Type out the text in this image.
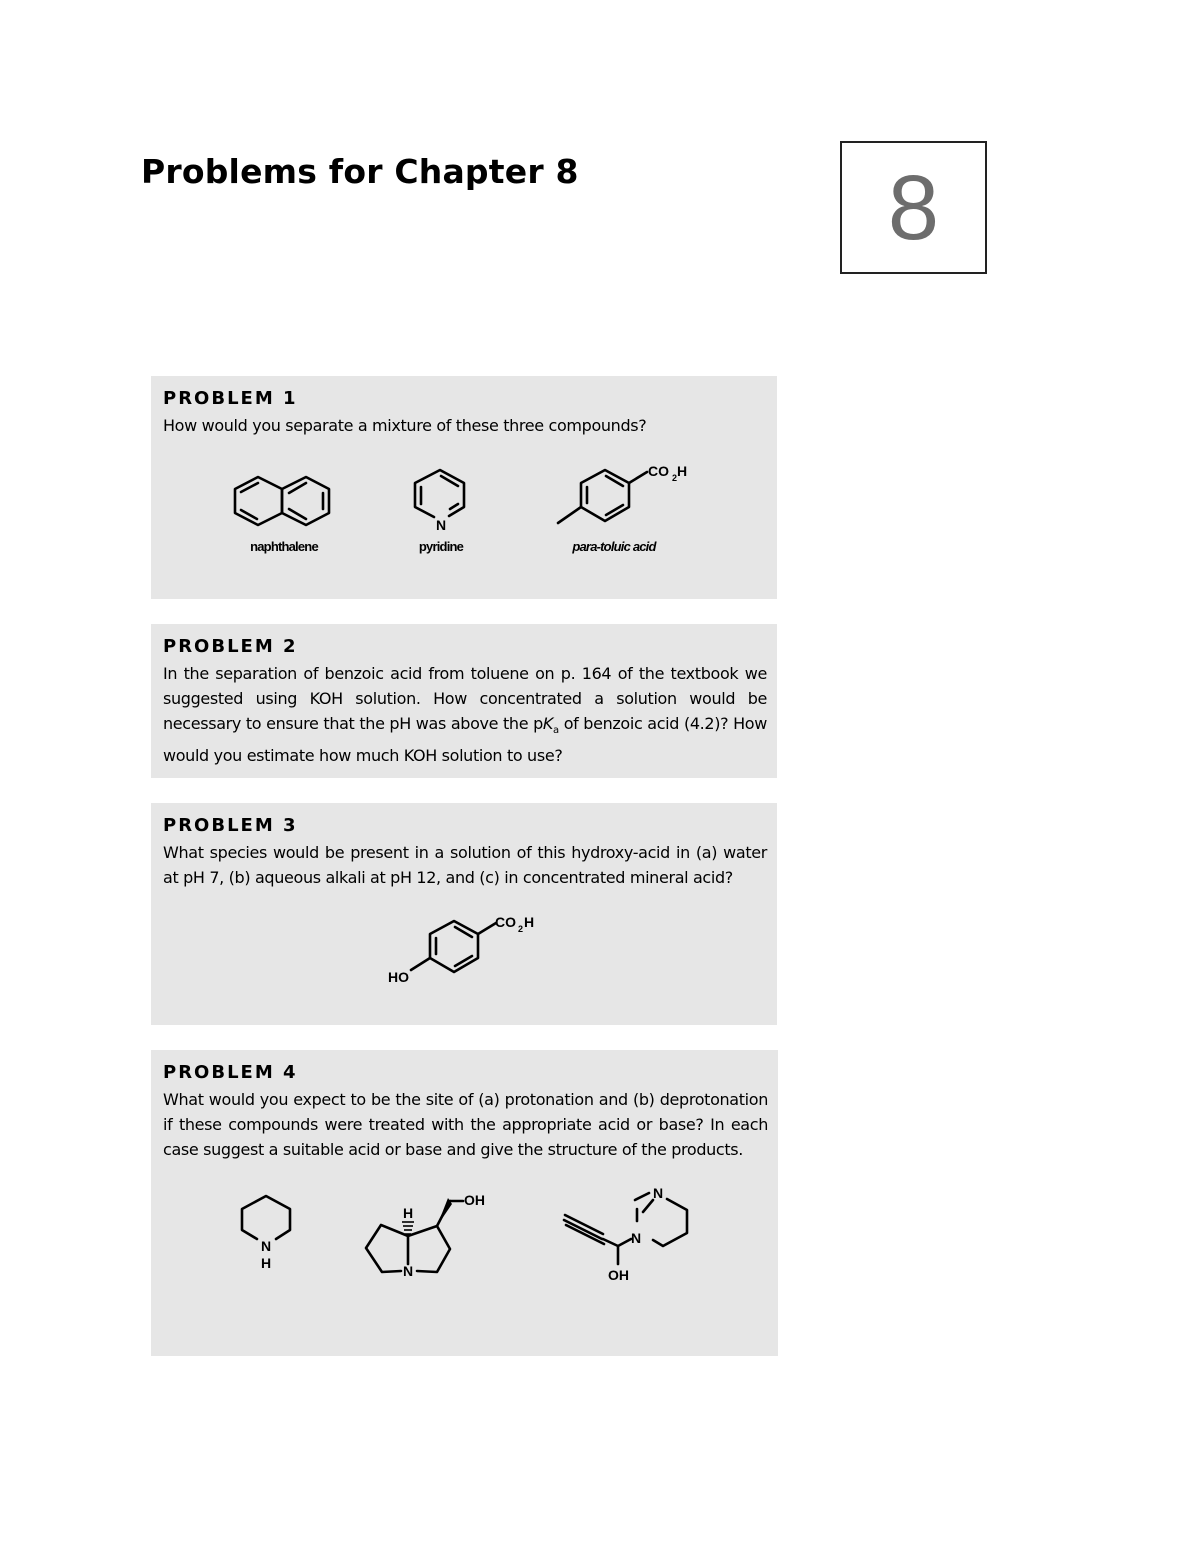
Problems for Chapter 8	8
PROBLEM 1

How would you separate a mixture of these three compounds?

N
CO 2 H
naphthalene	pyridine	para-toluic acid
PROBLEM 2

In the separation of benzoic acid from toluene on p. 164 of the textbook we suggested using KOH solution. How concentrated a solution would be necessary to ensure that the pH was above the $pK_a$ of benzoic acid (4.2)? How would you estimate how much KOH solution to use?

PROBLEM 3

What species would be present in a solution of this hydroxy-acid in (a) water at pH 7, (b) aqueous alkali at pH 12, and (c) in concentrated mineral acid?

HO
CO 2 H
PROBLEM 4

What would you expect to be the site of (a) protonation and (b) deprotonation if these compounds were treated with the appropriate acid or base? In each case suggest a suitable acid or base and give the structure of the products.

N
H
H
N
OH
OH
N
N
